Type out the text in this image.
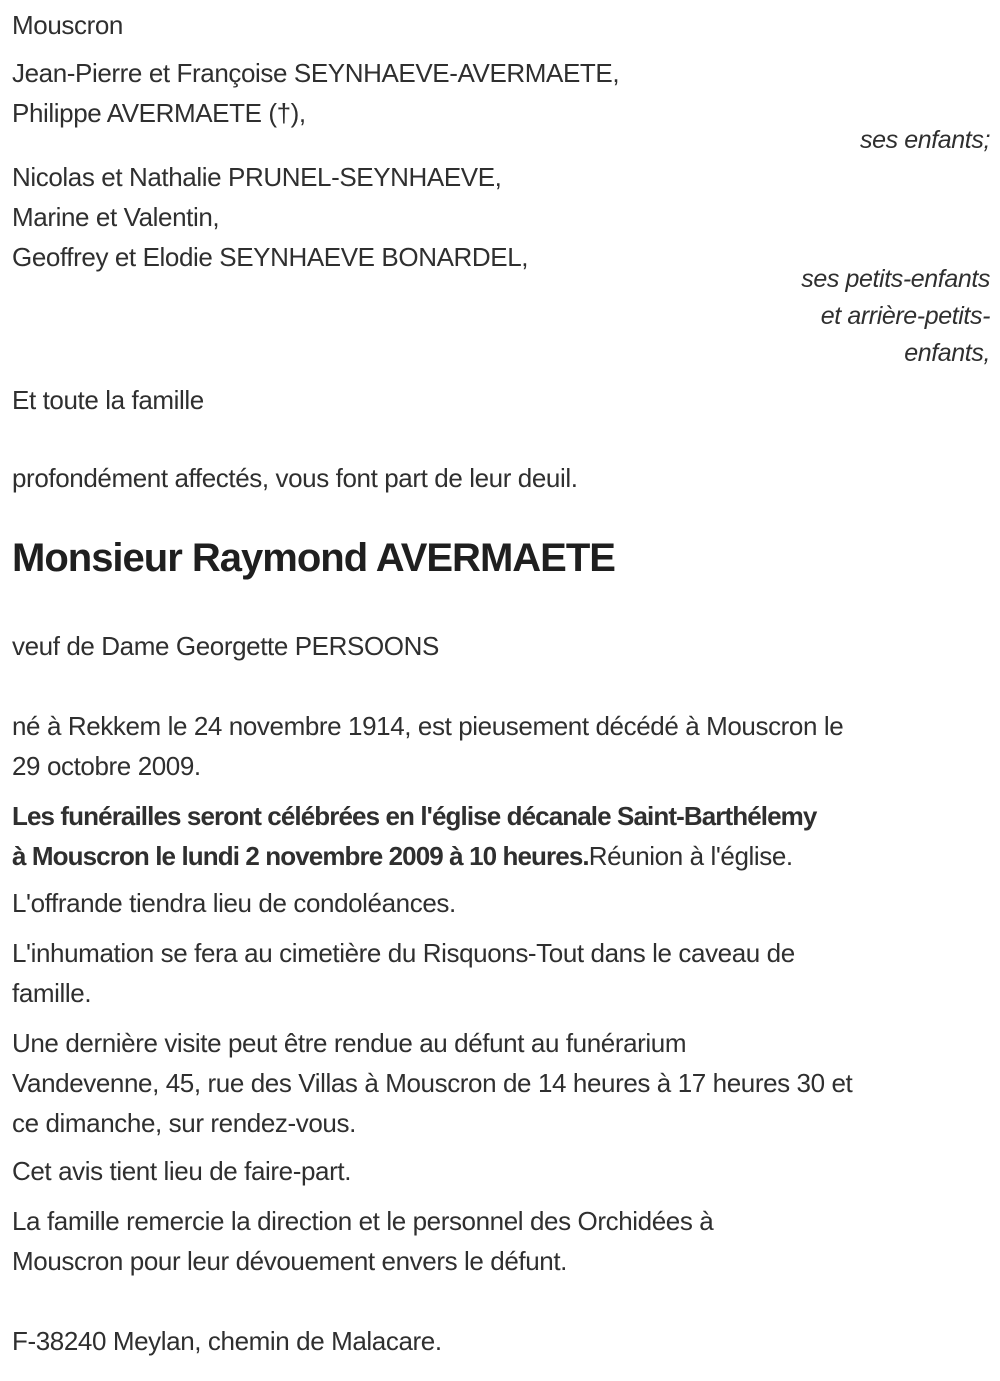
Mouscron
Jean-Pierre et Françoise SEYNHAEVE-AVERMAETE,
Philippe AVERMAETE (†),
ses enfants;
Nicolas et Nathalie PRUNEL-SEYNHAEVE,
Marine et Valentin,
Geoffrey et Elodie SEYNHAEVE BONARDEL,
ses petits-enfants
et arrière-petits-
enfants,
Et toute la famille
profondément affectés, vous font part de leur deuil.
Monsieur Raymond AVERMAETE
veuf de Dame Georgette PERSOONS
né à Rekkem le 24 novembre 1914, est pieusement décédé à Mouscron le
29 octobre 2009.
Les funérailles seront célébrées en l'église décanale Saint-Barthélemy
à Mouscron le lundi 2 novembre 2009 à 10 heures.Réunion à l'église.
L'offrande tiendra lieu de condoléances.
L'inhumation se fera au cimetière du Risquons-Tout dans le caveau de
famille.
Une dernière visite peut être rendue au défunt au funérarium
Vandevenne, 45, rue des Villas à Mouscron de 14 heures à 17 heures 30 et
ce dimanche, sur rendez-vous.
Cet avis tient lieu de faire-part.
La famille remercie la direction et le personnel des Orchidées à
Mouscron pour leur dévouement envers le défunt.
F-38240 Meylan, chemin de Malacare.
